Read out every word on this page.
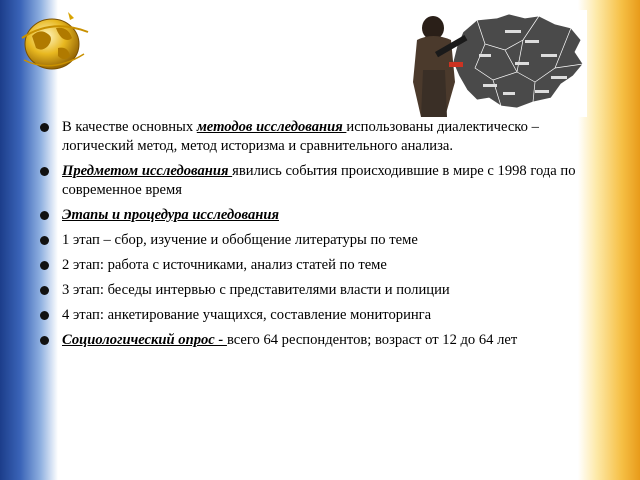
В качестве основных методов исследования использованы диалектическо – логический метод, метод историзма и сравнительного анализа.
Предметом исследования явились события происходившие в мире с 1998 года по современное время
Этапы и процедура исследования
1 этап – сбор, изучение и обобщение литературы по теме
2 этап: работа с источниками, анализ статей по теме
3 этап: беседы интервью с представителями власти и полиции
4 этап: анкетирование учащихся, составление мониторинга
Социологический опрос - всего 64 респондентов; возраст от 12 до 64 лет
